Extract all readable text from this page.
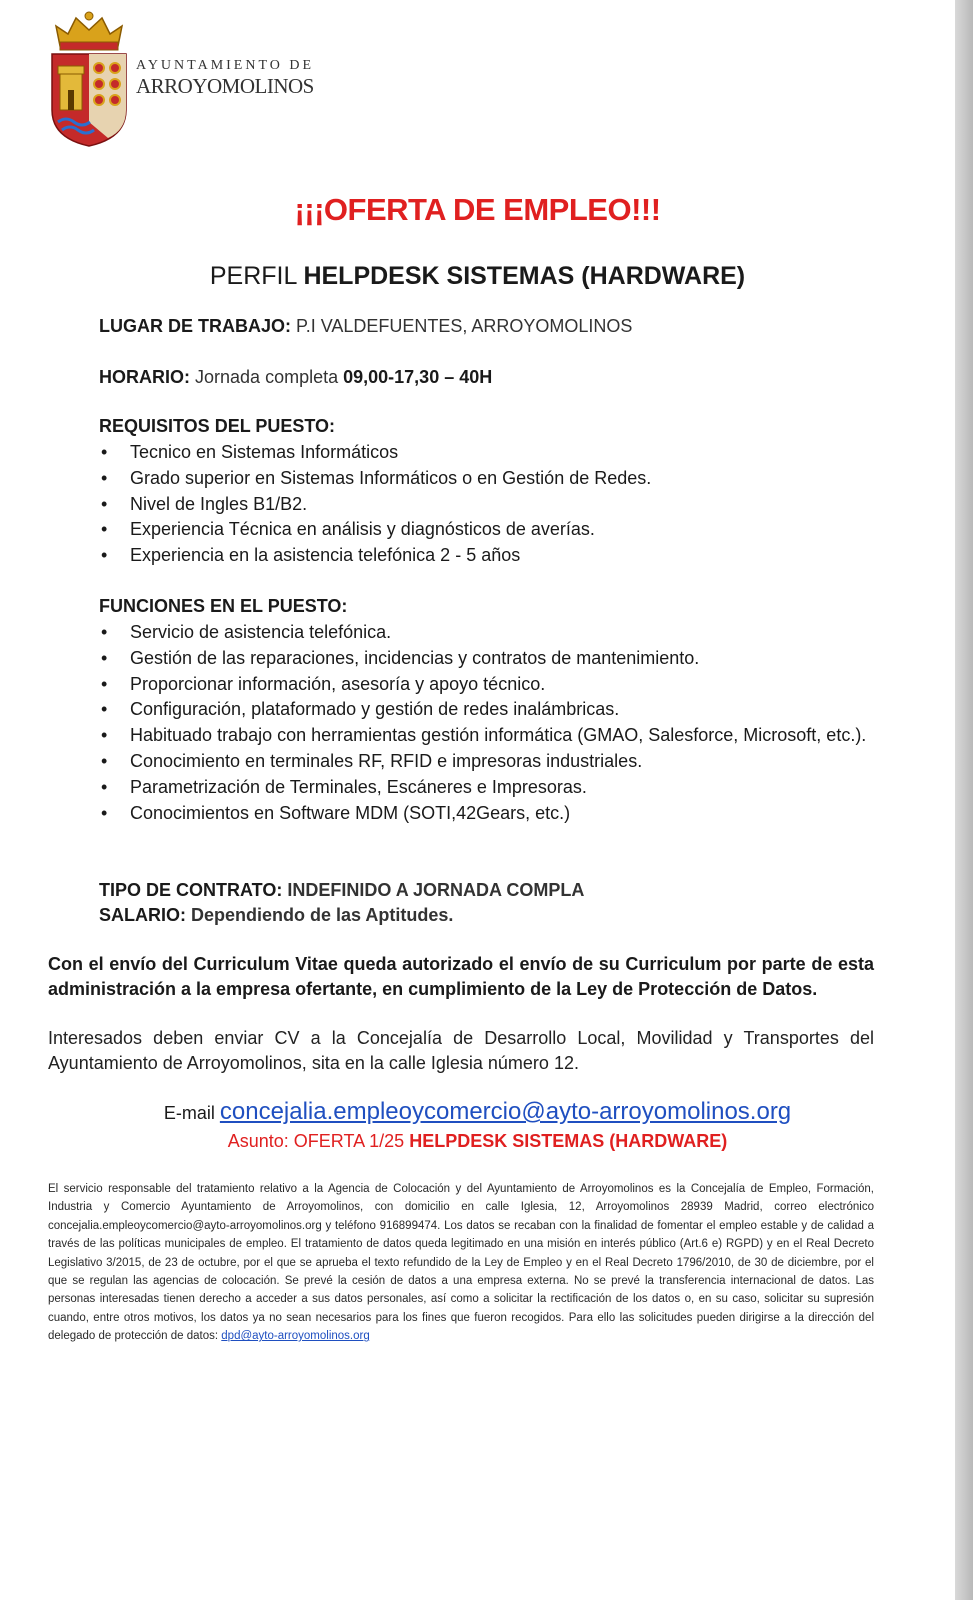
AYUNTAMIENTO DE
ARROYOMOLINOS
¡¡¡OFERTA DE EMPLEO!!!
PERFIL HELPDESK SISTEMAS (HARDWARE)
LUGAR DE TRABAJO: P.I VALDEFUENTES, ARROYOMOLINOS
HORARIO: Jornada completa 09,00-17,30 – 40H
REQUISITOS DEL PUESTO:
• Tecnico en Sistemas Informáticos
• Grado superior en Sistemas Informáticos o en Gestión de Redes.
• Nivel de Ingles B1/B2.
• Experiencia Técnica en análisis y diagnósticos de averías.
• Experiencia en la asistencia telefónica 2 - 5 años
FUNCIONES EN EL PUESTO:
• Servicio de asistencia telefónica.
• Gestión de las reparaciones, incidencias y contratos de mantenimiento.
• Proporcionar información, asesoría y apoyo técnico.
• Configuración, plataformado y gestión de redes inalámbricas.
• Habituado trabajo con herramientas gestión informática (GMAO, Salesforce, Microsoft, etc.).
• Conocimiento en terminales RF, RFID e impresoras industriales.
• Parametrización de Terminales, Escáneres e Impresoras.
• Conocimientos en Software MDM (SOTI,42Gears, etc.)
TIPO DE CONTRATO: INDEFINIDO A JORNADA COMPLA
SALARIO: Dependiendo de las Aptitudes.
Con el envío del Curriculum Vitae queda autorizado el envío de su Curriculum por parte de esta administración a la empresa ofertante, en cumplimiento de la Ley de Protección de Datos.
Interesados deben enviar CV a la Concejalía de Desarrollo Local, Movilidad y Transportes del Ayuntamiento de Arroyomolinos, sita en la calle Iglesia número 12.
E-mail concejalia.empleoycomercio@ayto-arroyomolinos.org
Asunto: OFERTA 1/25 HELPDESK SISTEMAS (HARDWARE)
El servicio responsable del tratamiento relativo a la Agencia de Colocación y del Ayuntamiento de Arroyomolinos es la Concejalía de Empleo, Formación, Industria y Comercio Ayuntamiento de Arroyomolinos, con domicilio en calle Iglesia, 12, Arroyomolinos 28939 Madrid, correo electrónico concejalia.empleoycomercio@ayto-arroyomolinos.org y teléfono 916899474. Los datos se recaban con la finalidad de fomentar el empleo estable y de calidad a través de las políticas municipales de empleo. El tratamiento de datos queda legitimado en una misión en interés público (Art.6 e) RGPD) y en el Real Decreto Legislativo 3/2015, de 23 de octubre, por el que se aprueba el texto refundido de la Ley de Empleo y en el Real Decreto 1796/2010, de 30 de diciembre, por el que se regulan las agencias de colocación. Se prevé la cesión de datos a una empresa externa. No se prevé la transferencia internacional de datos. Las personas interesadas tienen derecho a acceder a sus datos personales, así como a solicitar la rectificación de los datos o, en su caso, solicitar su supresión cuando, entre otros motivos, los datos ya no sean necesarios para los fines que fueron recogidos. Para ello las solicitudes pueden dirigirse a la dirección del delegado de protección de datos: dpd@ayto-arroyomolinos.org
